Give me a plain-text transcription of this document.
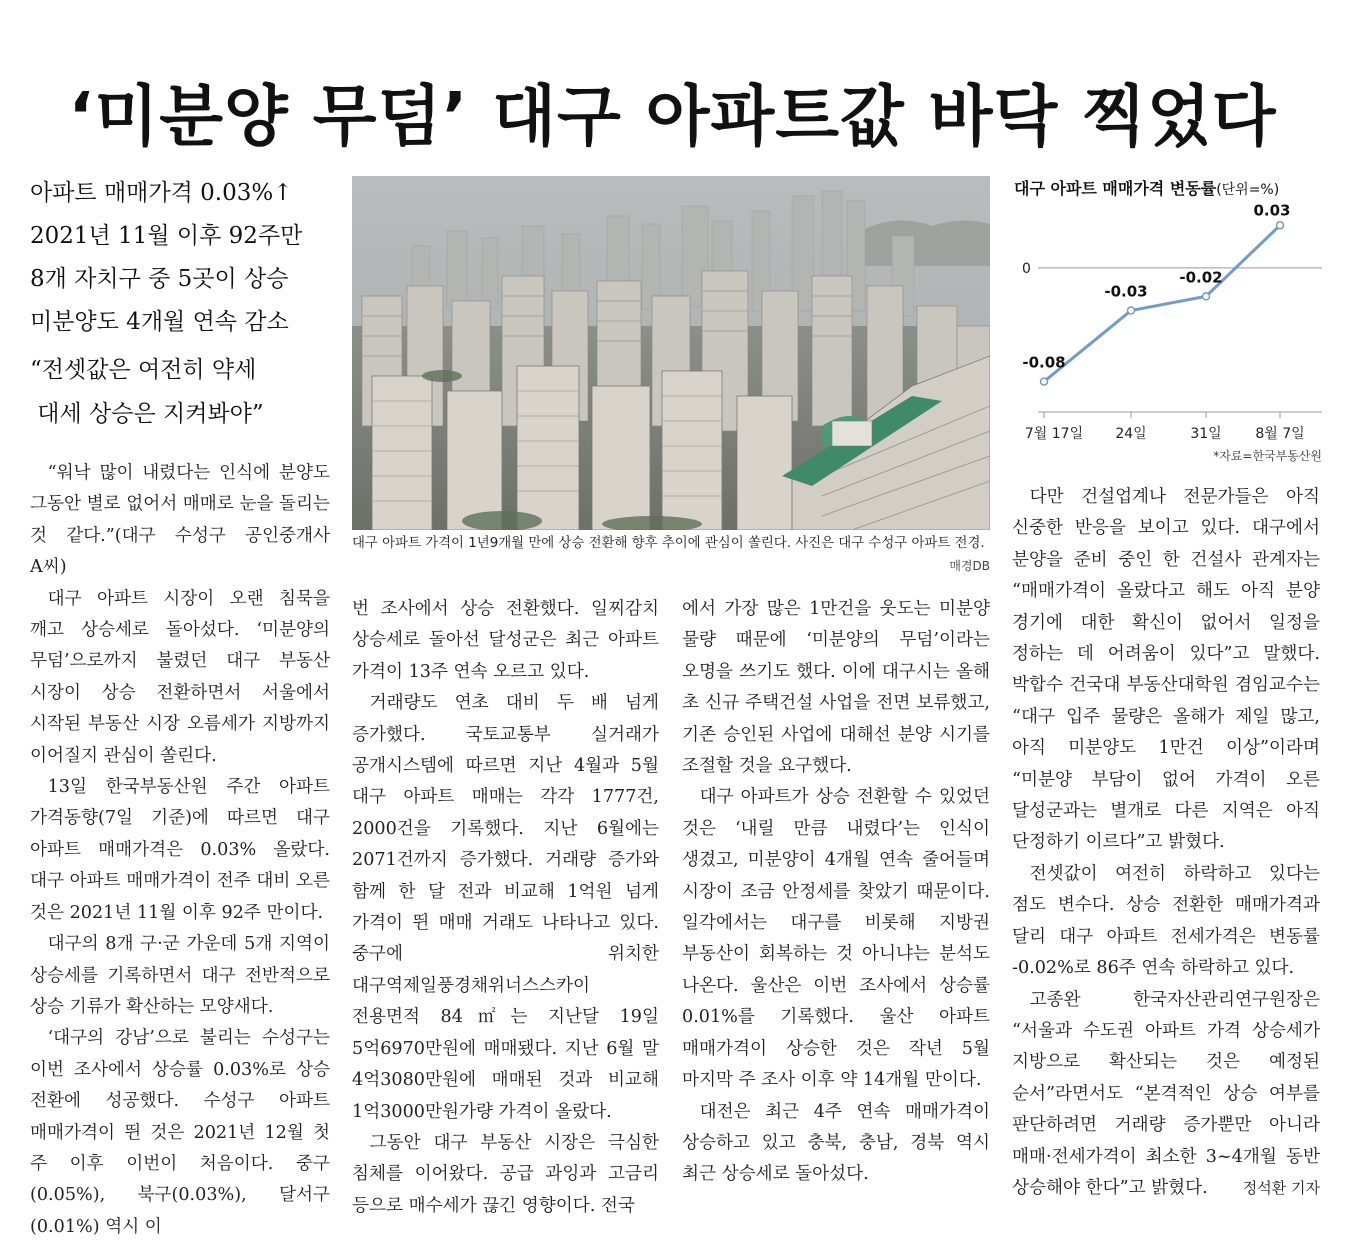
‘미분양 무덤’ 대구 아파트값 바닥 찍었다
아파트 매매가격 0.03%↑
2021년 11월 이후 92주만
8개 자치구 중 5곳이 상승
미분양도 4개월 연속 감소
“전셋값은 여전히 약세
대세 상승은 지켜봐야”
대구 아파트 가격이 1년9개월 만에 상승 전환해 향후 추이에 관심이 쏠린다. 사진은 대구 수성구 아파트 전경.
매경DB
대구 아파트 매매가격 변동률(단위=%)
0
-0.08
7월 17일
-0.03
24일
-0.02
31일
0.03
8월 7일
*자료=한국부동산원

“워낙 많이 내렸다는 인식에 분양도 그동안 별로 없어서 매매로 눈을 돌리는 것 같다.”(대구 수성구 공인중개사 A씨)

대구 아파트 시장이 오랜 침묵을 깨고 상승세로 돌아섰다. ‘미분양의 무덤’으로까지 불렸던 대구 부동산 시장이 상승 전환하면서 서울에서 시작된 부동산 시장 오름세가 지방까지 이어질지 관심이 쏠린다.

13일 한국부동산원 주간 아파트 가격동향(7일 기준)에 따르면 대구 아파트 매매가격은 0.03% 올랐다. 대구 아파트 매매가격이 전주 대비 오른 것은 2021년 11월 이후 92주 만이다.

대구의 8개 구·군 가운데 5개 지역이 상승세를 기록하면서 대구 전반적으로 상승 기류가 확산하는 모양새다.

‘대구의 강남’으로 불리는 수성구는 이번 조사에서 상승률 0.03%로 상승 전환에 성공했다. 수성구 아파트 매매가격이 뛴 것은 2021년 12월 첫 주 이후 이번이 처음이다. 중구(0.05%), 북구(0.03%), 달서구(0.01%) 역시 이

번 조사에서 상승 전환했다. 일찌감치 상승세로 돌아선 달성군은 최근 아파트 가격이 13주 연속 오르고 있다.

거래량도 연초 대비 두 배 넘게 증가했다. 국토교통부 실거래가 공개시스템에 따르면 지난 4월과 5월 대구 아파트 매매는 각각 1777건, 2000건을 기록했다. 지난 6월에는 2071건까지 증가했다. 거래량 증가와 함께 한 달 전과 비교해 1억원 넘게 가격이 뛴 매매 거래도 나타나고 있다. 중구에 위치한 대구역제일풍경채위너스스카이 전용면적 84㎡는 지난달 19일 5억6970만원에 매매됐다. 지난 6월 말 4억3080만원에 매매된 것과 비교해 1억3000만원가량 가격이 올랐다.

그동안 대구 부동산 시장은 극심한 침체를 이어왔다. 공급 과잉과 고금리 등으로 매수세가 끊긴 영향이다. 전국

에서 가장 많은 1만건을 웃도는 미분양 물량 때문에 ‘미분양의 무덤’이라는 오명을 쓰기도 했다. 이에 대구시는 올해 초 신규 주택건설 사업을 전면 보류했고, 기존 승인된 사업에 대해선 분양 시기를 조절할 것을 요구했다.

대구 아파트가 상승 전환할 수 있었던 것은 ‘내릴 만큼 내렸다’는 인식이 생겼고, 미분양이 4개월 연속 줄어들며 시장이 조금 안정세를 찾았기 때문이다. 일각에서는 대구를 비롯해 지방권 부동산이 회복하는 것 아니냐는 분석도 나온다. 울산은 이번 조사에서 상승률 0.01%를 기록했다. 울산 아파트 매매가격이 상승한 것은 작년 5월 마지막 주 조사 이후 약 14개월 만이다.

대전은 최근 4주 연속 매매가격이 상승하고 있고 충북, 충남, 경북 역시 최근 상승세로 돌아섰다.

다만 건설업계나 전문가들은 아직 신중한 반응을 보이고 있다. 대구에서 분양을 준비 중인 한 건설사 관계자는 “매매가격이 올랐다고 해도 아직 분양 경기에 대한 확신이 없어서 일정을 정하는 데 어려움이 있다”고 말했다. 박합수 건국대 부동산대학원 겸임교수는 “대구 입주 물량은 올해가 제일 많고, 아직 미분양도 1만건 이상”이라며 “미분양 부담이 없어 가격이 오른 달성군과는 별개로 다른 지역은 아직 단정하기 이르다”고 밝혔다.

전셋값이 여전히 하락하고 있다는 점도 변수다. 상승 전환한 매매가격과 달리 대구 아파트 전세가격은 변동률 -0.02%로 86주 연속 하락하고 있다.

고종완 한국자산관리연구원장은 “서울과 수도권 아파트 가격 상승세가 지방으로 확산되는 것은 예정된 순서”라면서도 “본격적인 상승 여부를 판단하려면 거래량 증가뿐만 아니라 매매·전세가격이 최소한 3~4개월 동반 상승해야 한다”고 밝혔다. 정석환 기자
